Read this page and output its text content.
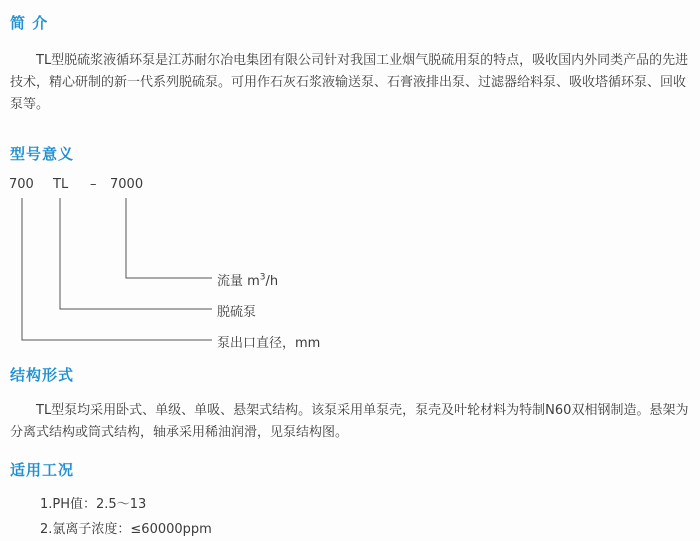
简 介
TL型脱硫浆液循环泵是江苏耐尔冶电集团有限公司针对我国工业烟气脱硫用泵的特点，吸收国内外同类产品的先进技术，精心研制的新一代系列脱硫泵。可用作石灰石浆液输送泵、石膏液排出泵、过滤器给料泵、吸收塔循环泵、回收泵等。
型号意义
700 TL – 7000
流量 $m^3/h$
脱硫泵
泵出口直径，mm
结构形式
TL型泵均采用卧式、单级、单吸、悬架式结构。该泵采用单泵壳，泵壳及叶轮材料为特制N60双相钢制造。悬架为分离式结构或筒式结构，轴承采用稀油润滑，见泵结构图。
适用工况
1.PH值：2.5～13
2.氯离子浓度：≤60000ppm
